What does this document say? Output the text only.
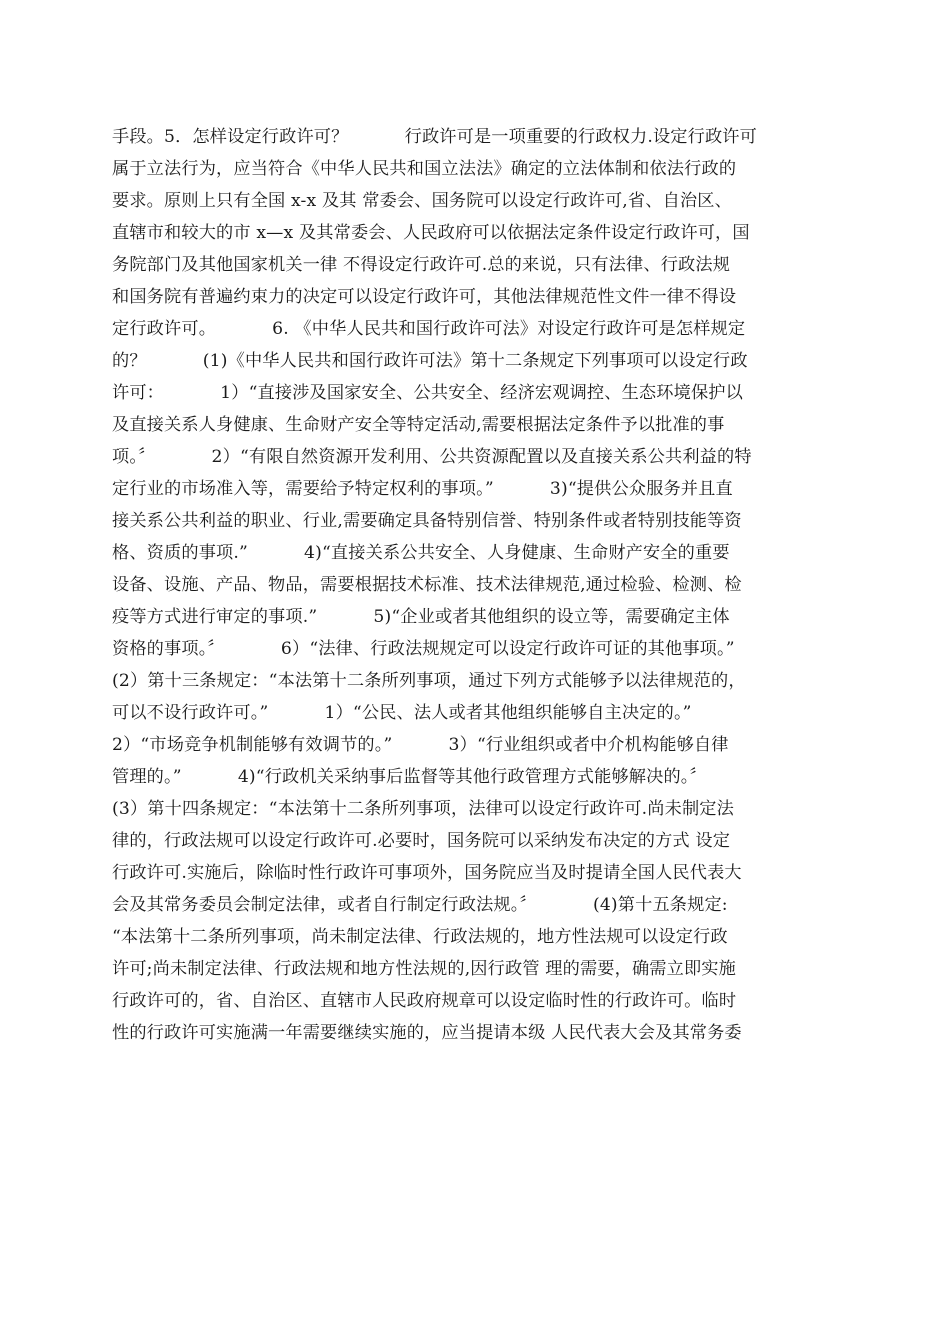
手段。5．怎样设定行政许可？          行政许可是一项重要的行政权力.设定行政许可

属于立法行为，应当符合《中华人民共和国立法法》确定的立法体制和依法行政的

要求。原则上只有全国 x-x 及其 常委会、国务院可以设定行政许可,省、自治区、

直辖市和较大的市 x—x 及其常委会、人民政府可以依据法定条件设定行政许可，国

务院部门及其他国家机关一律 不得设定行政许可.总的来说，只有法律、行政法规

和国务院有普遍约束力的决定可以设定行政许可，其他法律规范性文件一律不得设

定行政许可。          6. 《中华人民共和国行政许可法》对设定行政许可是怎样规定

的？          (1)《中华人民共和国行政许可法》第十二条规定下列事项可以设定行政

许可：          1）“直接涉及国家安全、公共安全、经济宏观调控、生态环境保护以

及直接关系人身健康、生命财产安全等特定活动,需要根据法定条件予以批准的事

项。〞          2）“有限自然资源开发利用、公共资源配置以及直接关系公共利益的特

定行业的市场准入等，需要给予特定权利的事项。”          3)“提供公众服务并且直

接关系公共利益的职业、行业,需要确定具备特别信誉、特别条件或者特别技能等资

格、资质的事项.”          4)“直接关系公共安全、人身健康、生命财产安全的重要

设备、设施、产品、物品，需要根据技术标准、技术法律规范,通过检验、检测、检

疫等方式进行审定的事项.”          5)“企业或者其他组织的设立等，需要确定主体

资格的事项。〞          6）“法律、行政法规规定可以设定行政许可证的其他事项。”

(2）第十三条规定：“本法第十二条所列事项，通过下列方式能够予以法律规范的，

可以不设行政许可。”          1）“公民、法人或者其他组织能够自主决定的。”

2）“市场竞争机制能够有效调节的。”          3）“行业组织或者中介机构能够自律

管理的。”          4)“行政机关采纳事后监督等其他行政管理方式能够解决的。〞

(3）第十四条规定：“本法第十二条所列事项，法律可以设定行政许可.尚未制定法

律的，行政法规可以设定行政许可.必要时，国务院可以采纳发布决定的方式 设定

行政许可.实施后，除临时性行政许可事项外，国务院应当及时提请全国人民代表大

会及其常务委员会制定法律，或者自行制定行政法规。〞          (4)第十五条规定:

“本法第十二条所列事项，尚未制定法律、行政法规的，地方性法规可以设定行政

许可;尚未制定法律、行政法规和地方性法规的,因行政管 理的需要，确需立即实施

行政许可的，省、自治区、直辖市人民政府规章可以设定临时性的行政许可。临时

性的行政许可实施满一年需要继续实施的，应当提请本级 人民代表大会及其常务委
